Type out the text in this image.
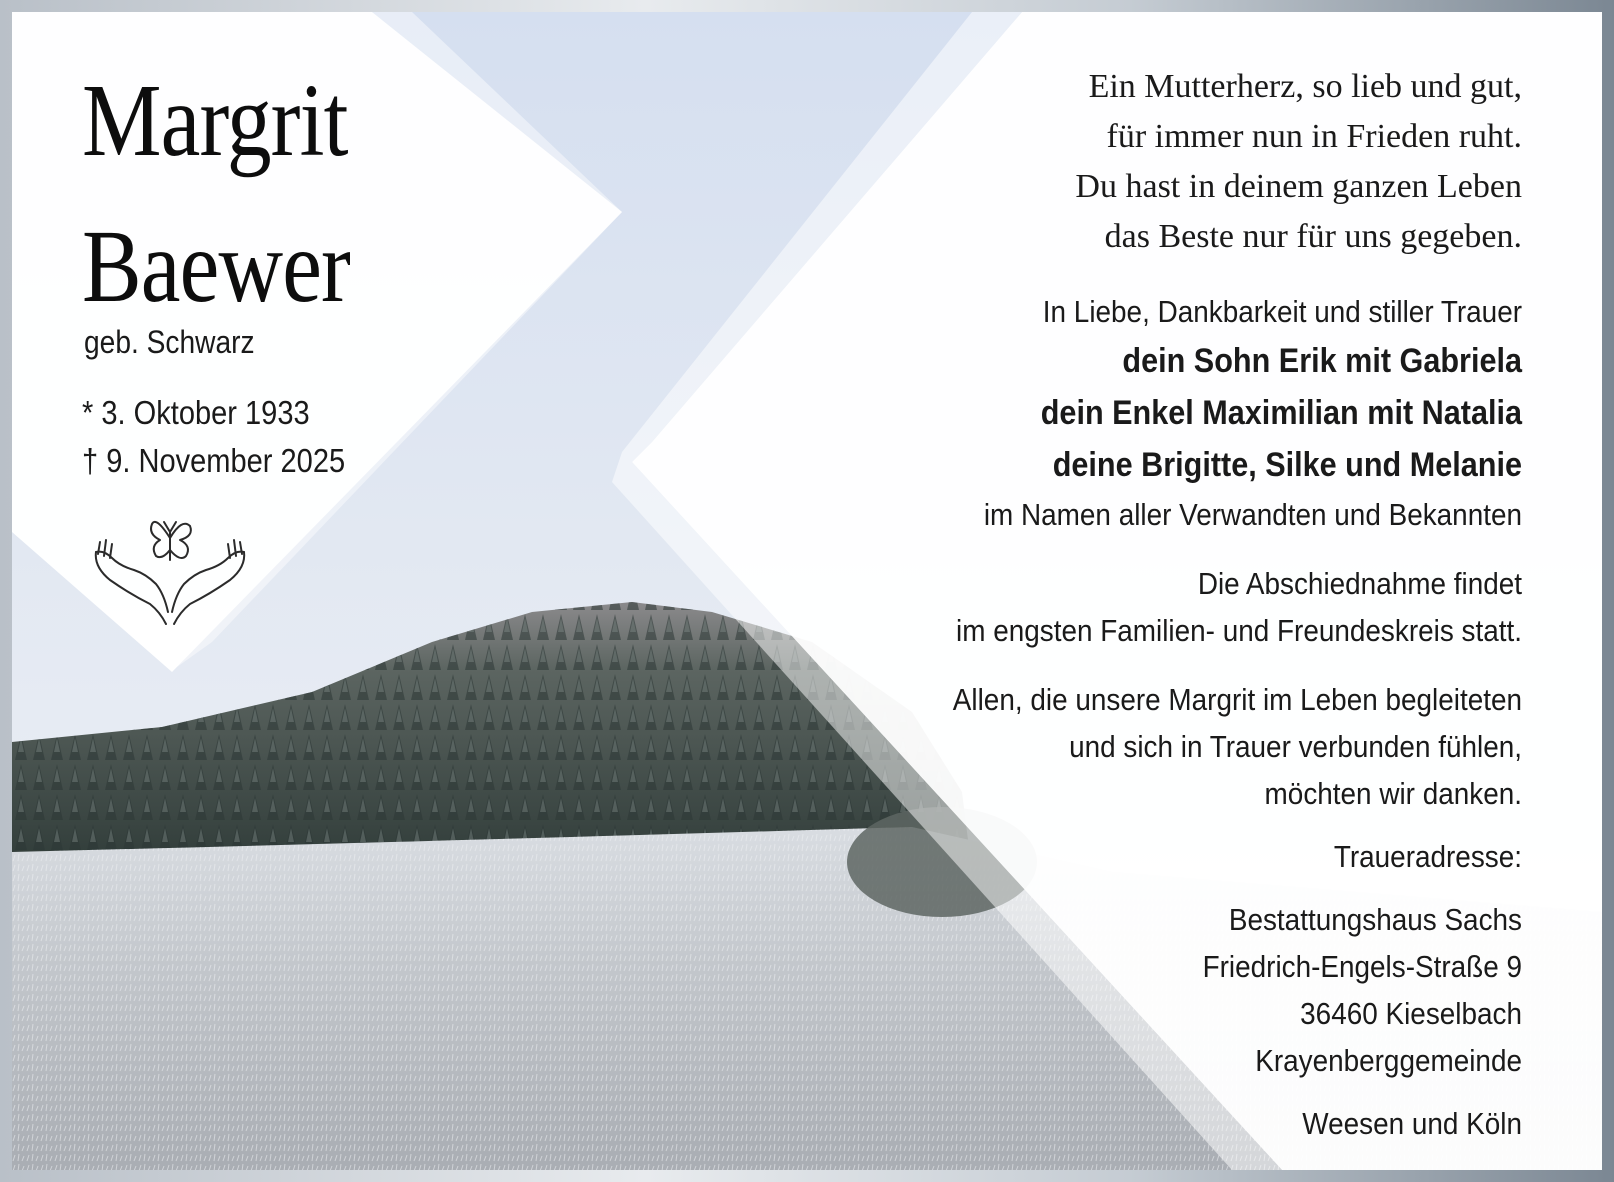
Margrit
Baewer
geb. Schwarz
* 3. Oktober 1933
† 9. November 2025
Ein Mutterherz, so lieb und gut,
für immer nun in Frieden ruht.
Du hast in deinem ganzen Leben
das Beste nur für uns gegeben.
In Liebe, Dankbarkeit und stiller Trauer
dein Sohn Erik mit Gabriela
dein Enkel Maximilian mit Natalia
deine Brigitte, Silke und Melanie
im Namen aller Verwandten und Bekannten
Die Abschiednahme findet
im engsten Familien- und Freundeskreis statt.
Allen, die unsere Margrit im Leben begleiteten
und sich in Trauer verbunden fühlen,
möchten wir danken.
Traueradresse:
Bestattungshaus Sachs
Friedrich-Engels-Straße 9
36460 Kieselbach
Krayenberggemeinde
Weesen und Köln
